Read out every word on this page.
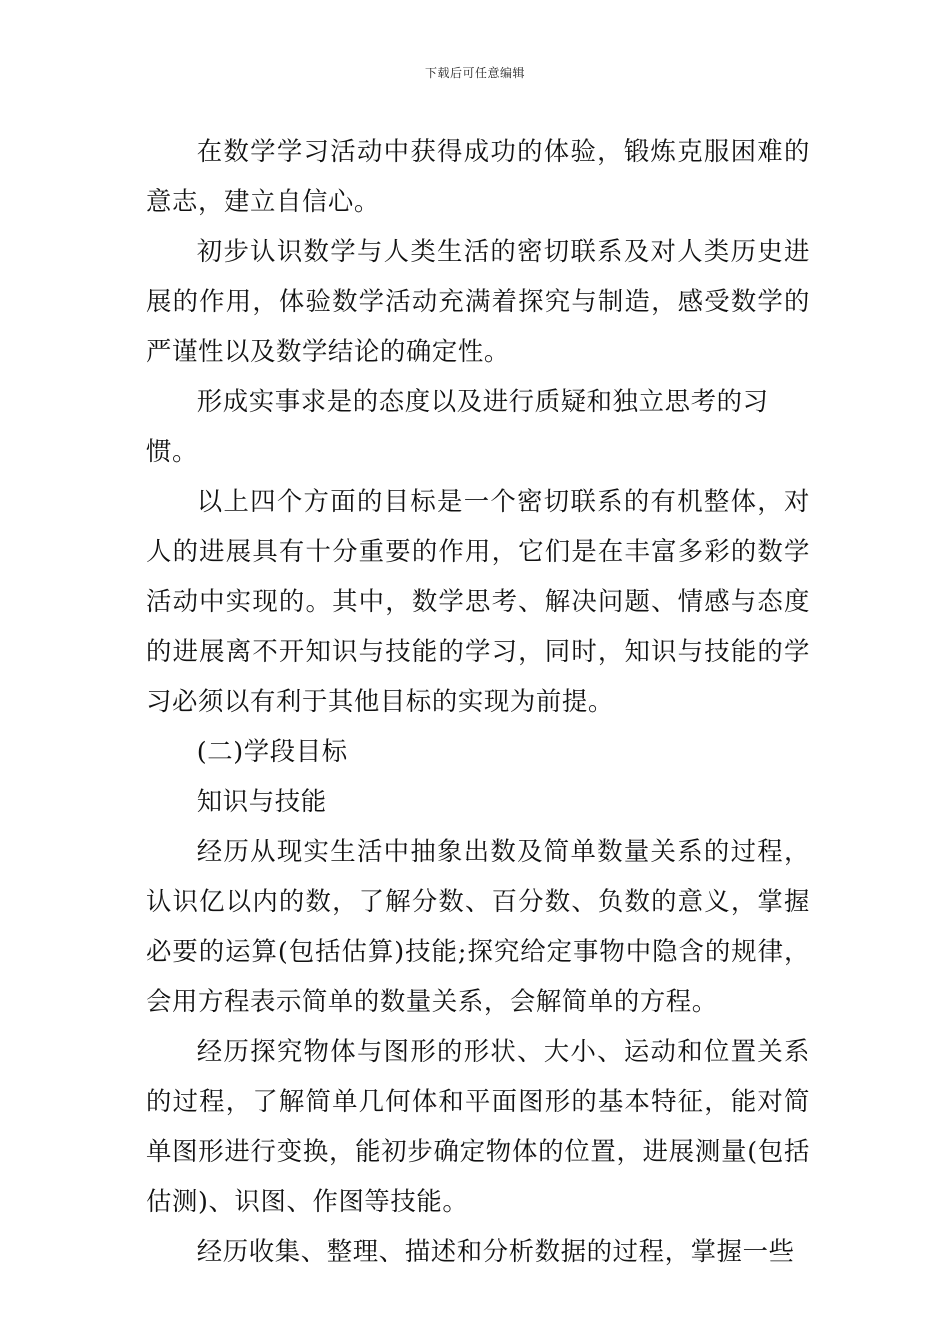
下载后可任意编辑

在数学学习活动中获得成功的体验，锻炼克服困难的意志，建立自信心。

初步认识数学与人类生活的密切联系及对人类历史进展的作用，体验数学活动充满着探究与制造，感受数学的严谨性以及数学结论的确定性。

形成实事求是的态度以及进行质疑和独立思考的习惯。

以上四个方面的目标是一个密切联系的有机整体，对人的进展具有十分重要的作用，它们是在丰富多彩的数学活动中实现的。其中，数学思考、解决问题、情感与态度的进展离不开知识与技能的学习，同时，知识与技能的学习必须以有利于其他目标的实现为前提。

(二)学段目标

知识与技能

经历从现实生活中抽象出数及简单数量关系的过程，认识亿以内的数，了解分数、百分数、负数的意义，掌握必要的运算(包括估算)技能;探究给定事物中隐含的规律，会用方程表示简单的数量关系，会解简单的方程。

经历探究物体与图形的形状、大小、运动和位置关系的过程，了解简单几何体和平面图形的基本特征，能对简单图形进行变换，能初步确定物体的位置，进展测量(包括估测)、识图、作图等技能。

经历收集、整理、描述和分析数据的过程，掌握一些
